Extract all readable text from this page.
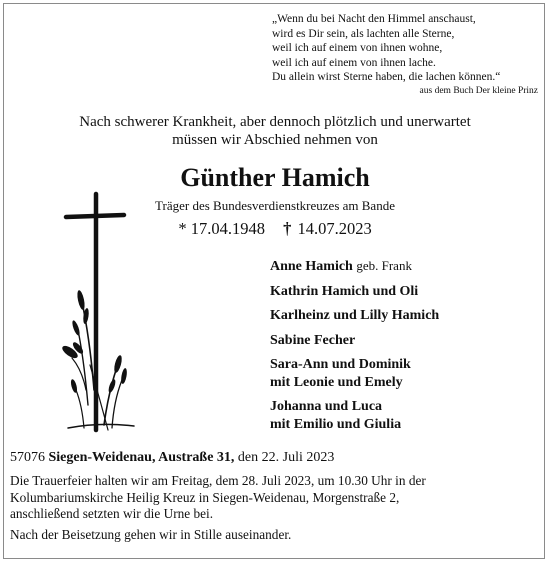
„Wenn du bei Nacht den Himmel anschaust,
wird es Dir sein, als lachten alle Sterne,
weil ich auf einem von ihnen wohne,
weil ich auf einem von ihnen lache.
Du allein wirst Sterne haben, die lachen können.“
aus dem Buch Der kleine Prinz
Nach schwerer Krankheit, aber dennoch plötzlich und unerwartet
müssen wir Abschied nehmen von
Günther Hamich
Träger des Bundesverdienstkreuzes am Bande
* 17.04.1948 † 14.07.2023
Anne Hamich geb. Frank
Kathrin Hamich und Oli
Karlheinz und Lilly Hamich
Sabine Fecher
Sara-Ann und Dominik
mit Leonie und Emely
Johanna und Luca
mit Emilio und Giulia
57076 Siegen-Weidenau, Austraße 31, den 22. Juli 2023
Die Trauerfeier halten wir am Freitag, dem 28. Juli 2023, um 10.30 Uhr in der
Kolumbariumskirche Heilig Kreuz in Siegen-Weidenau, Morgenstraße 2,
anschließend setzten wir die Urne bei.
Nach der Beisetzung gehen wir in Stille auseinander.
